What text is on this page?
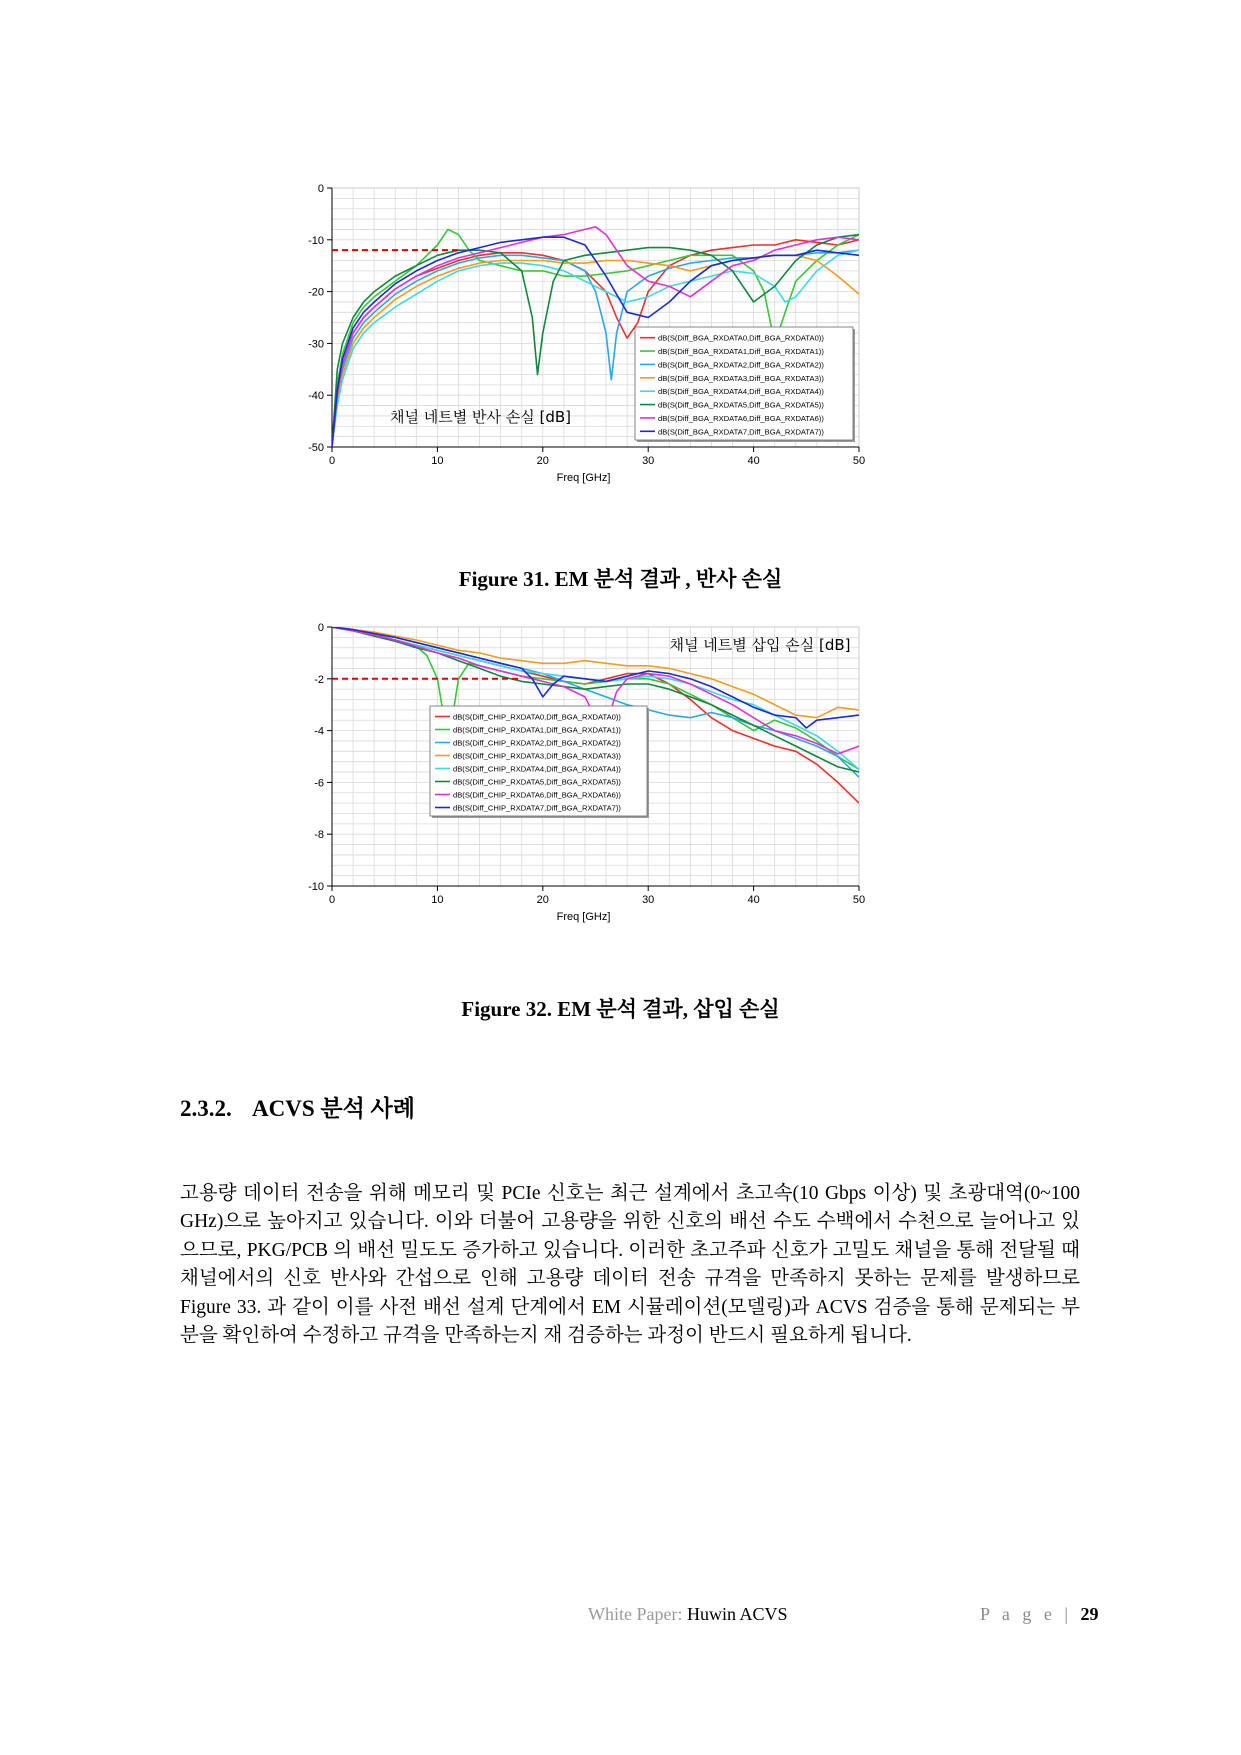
0	10	20	30	40	50
0
-10
-20
-30
-40
-50
Freq [GHz]
채널 네트별 반사 손실 [dB]
dB(S(Diff_BGA_RXDATA0,Diff_BGA_RXDATA0))
dB(S(Diff_BGA_RXDATA1,Diff_BGA_RXDATA1))
dB(S(Diff_BGA_RXDATA2,Diff_BGA_RXDATA2))
dB(S(Diff_BGA_RXDATA3,Diff_BGA_RXDATA3))
dB(S(Diff_BGA_RXDATA4,Diff_BGA_RXDATA4))
dB(S(Diff_BGA_RXDATA5,Diff_BGA_RXDATA5))
dB(S(Diff_BGA_RXDATA6,Diff_BGA_RXDATA6))
dB(S(Diff_BGA_RXDATA7,Diff_BGA_RXDATA7))
Figure 31. EM 분석 결과 , 반사 손실
0	10	20	30	40	50
0
-2
-4
-6
-8
-10
Freq [GHz]
채널 네트별 삽입 손실 [dB]
dB(S(Diff_CHIP_RXDATA0,Diff_BGA_RXDATA0))
dB(S(Diff_CHIP_RXDATA1,Diff_BGA_RXDATA1))
dB(S(Diff_CHIP_RXDATA2,Diff_BGA_RXDATA2))
dB(S(Diff_CHIP_RXDATA3,Diff_BGA_RXDATA3))
dB(S(Diff_CHIP_RXDATA4,Diff_BGA_RXDATA4))
dB(S(Diff_CHIP_RXDATA5,Diff_BGA_RXDATA5))
dB(S(Diff_CHIP_RXDATA6,Diff_BGA_RXDATA6))
dB(S(Diff_CHIP_RXDATA7,Diff_BGA_RXDATA7))
Figure 32. EM 분석 결과, 삽입 손실
2.3.2. ACVS 분석 사례
고용량 데이터 전송을 위해 메모리 및 PCIe 신호는 최근 설계에서 초고속(10 Gbps 이상) 및 초광대역(0~100 GHz)으로 높아지고 있습니다. 이와 더불어 고용량을 위한 신호의 배선 수도 수백에서 수천으로 늘어나고 있으므로, PKG/PCB 의 배선 밀도도 증가하고 있습니다. 이러한 초고주파 신호가 고밀도 채널을 통해 전달될 때 채널에서의 신호 반사와 간섭으로 인해 고용량 데이터 전송 규격을 만족하지 못하는 문제를 발생하므로 Figure 33. 과 같이 이를 사전 배선 설계 단계에서 EM 시뮬레이션(모델링)과 ACVS 검증을 통해 문제되는 부분을 확인하여 수정하고 규격을 만족하는지 재 검증하는 과정이 반드시 필요하게 됩니다.
White Paper: Huwin ACVS	P a g e | 29
